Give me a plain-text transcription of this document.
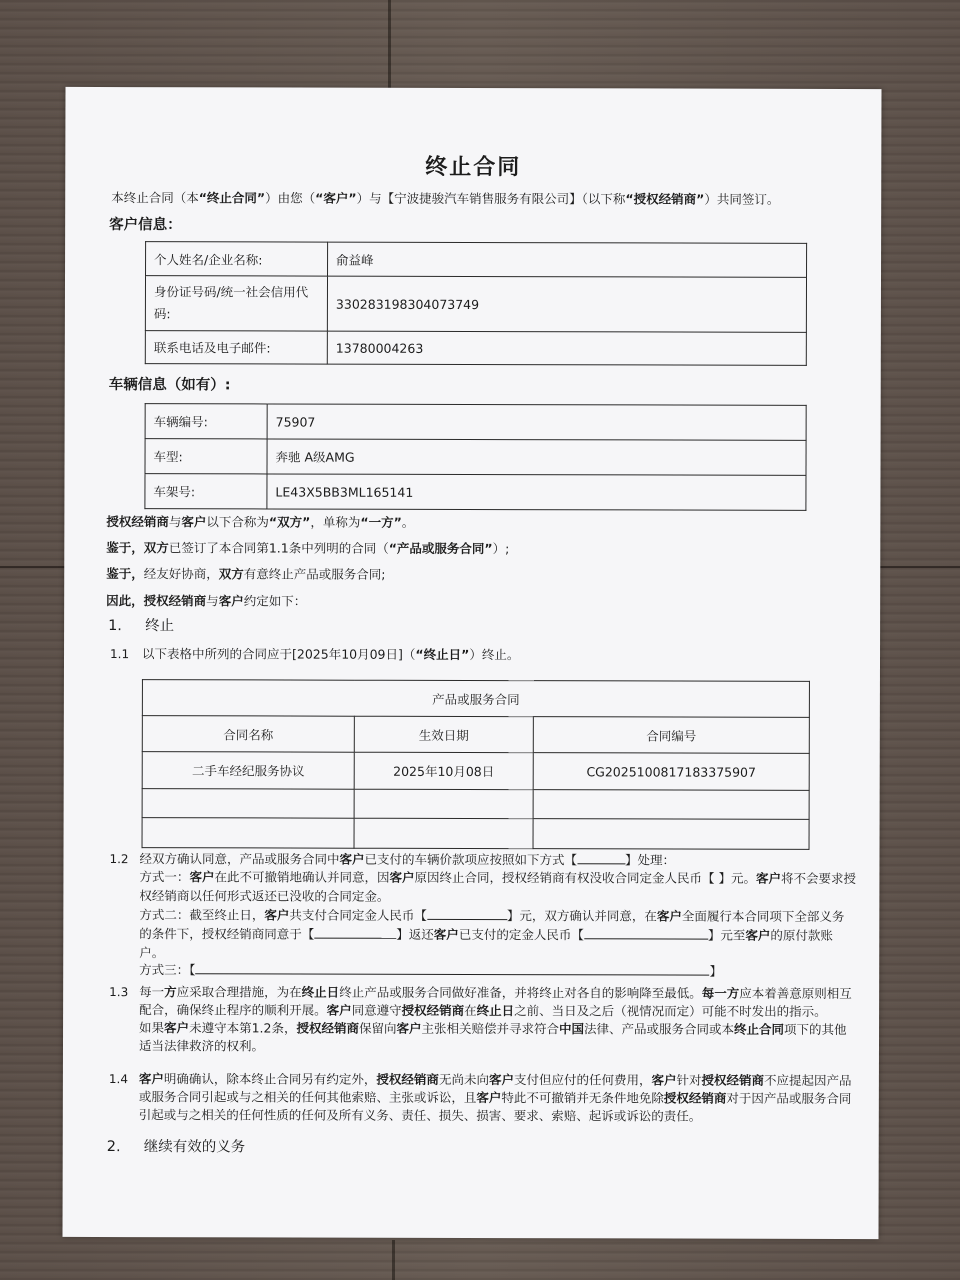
终止合同
本终止合同（本“终止合同”）由您（“客户”）与【宁波捷骏汽车销售服务有限公司】（以下称“授权经销商”）共同签订。
客户信息：
个人姓名/企业名称:	俞益峰
身份证号码/统一社会信用代码:	330283198304073749
联系电话及电子邮件:	13780004263
车辆信息（如有）:
车辆编号:	75907
车型:	奔驰 A级AMG
车架号:	LE43X5BB3ML165141
授权经销商与客户以下合称为“双方”，单称为“一方”。
鉴于，双方已签订了本合同第1.1条中列明的合同（“产品或服务合同”）;
鉴于，经友好协商，双方有意终止产品或服务合同;
因此，授权经销商与客户约定如下：
1. 终止
1.1 以下表格中所列的合同应于[2025年10月09日]（“终止日”）终止。
产品或服务合同		
合同名称	生效日期	合同编号
二手车经纪服务协议	2025年10月08日	CG2025100817183375907

1.2 经双方确认同意，产品或服务合同中客户已支付的车辆价款项应按照如下方式【	】处理：
方式一：客户在此不可撤销地确认并同意，因客户原因终止合同，授权经销商有权没收合同定金人民币【 】元。客户将不会要求授
权经销商以任何形式返还已没收的合同定金。
方式二：截至终止日，客户共支付合同定金人民币【	】元，双方确认并同意，在客户全面履行本合同项下全部义务
的条件下，授权经销商同意于【	】返还客户已支付的定金人民币【	】元至客户的原付款账
户。
方式三：【	】
1.3 每一方应采取合理措施，为在终止日终止产品或服务合同做好准备，并将终止对各自的影响降至最低。每一方应本着善意原则相互
配合，确保终止程序的顺利开展。客户同意遵守授权经销商在终止日之前、当日及之后（视情况而定）可能不时发出的指示。
如果客户未遵守本第1.2条，授权经销商保留向客户主张相关赔偿并寻求符合中国法律、产品或服务合同或本终止合同项下的其他
适当法律救济的权利。
1.4 客户明确确认，除本终止合同另有约定外，授权经销商无尚未向客户支付但应付的任何费用，客户针对授权经销商不应提起因产品
或服务合同引起或与之相关的任何其他索赔、主张或诉讼，且客户特此不可撤销并无条件地免除授权经销商对于因产品或服务合同
引起或与之相关的任何性质的任何及所有义务、责任、损失、损害、要求、索赔、起诉或诉讼的责任。
2. 继续有效的义务
